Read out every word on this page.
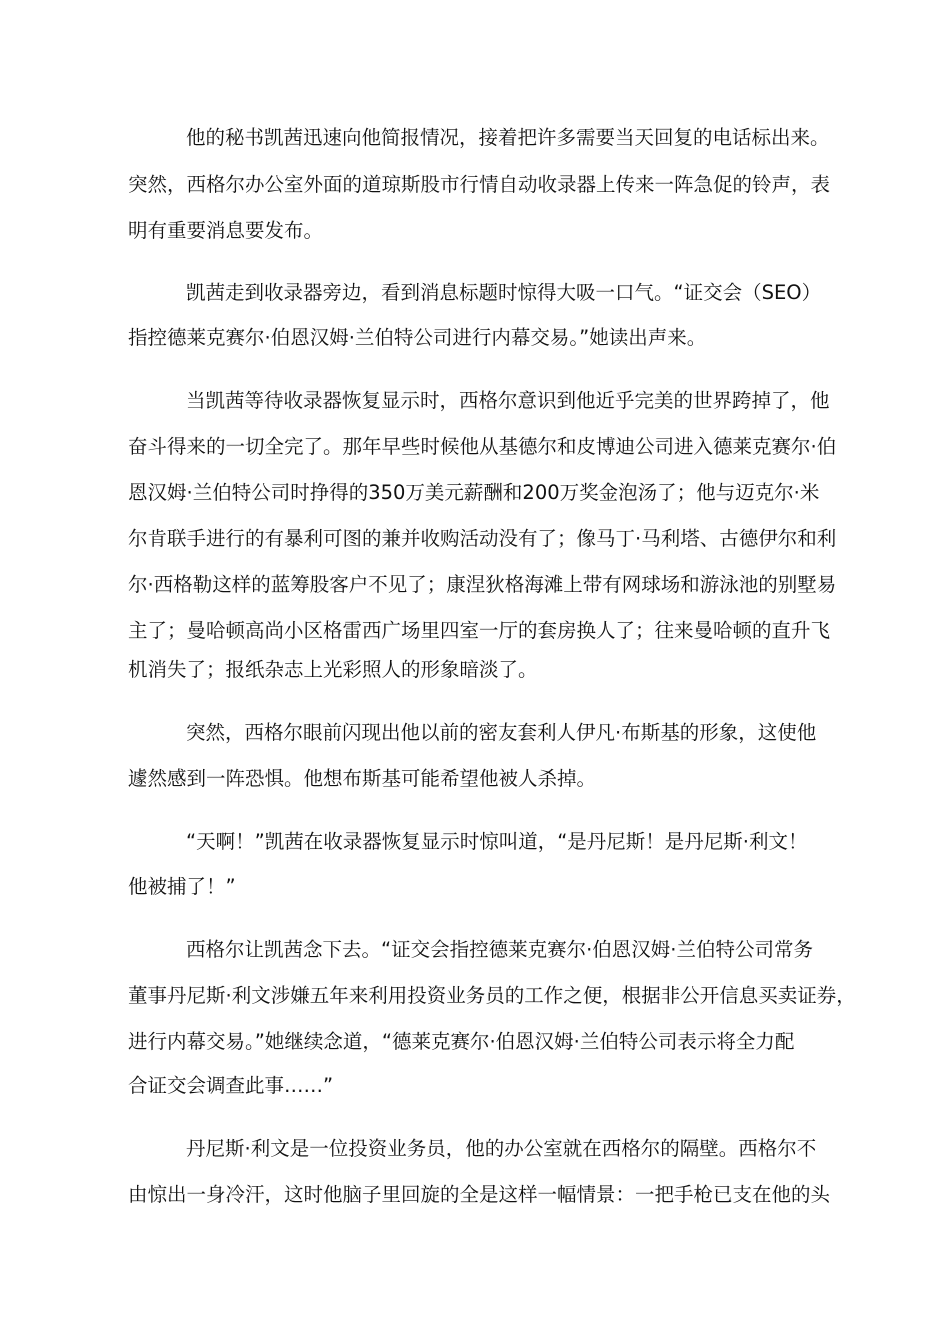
他的秘书凯茜迅速向他简报情况，接着把许多需要当天回复的电话标出来。

突然，西格尔办公室外面的道琼斯股市行情自动收录器上传来一阵急促的铃声，表

明有重要消息要发布。

凯茜走到收录器旁边，看到消息标题时惊得大吸一口气。“证交会（SEO）

指控德莱克赛尔·伯恩汉姆·兰伯特公司进行内幕交易。”她读出声来。

当凯茜等待收录器恢复显示时，西格尔意识到他近乎完美的世界跨掉了，他

奋斗得来的一切全完了。那年早些时候他从基德尔和皮博迪公司进入德莱克赛尔·伯

恩汉姆·兰伯特公司时挣得的350万美元薪酬和200万奖金泡汤了；他与迈克尔·米

尔肯联手进行的有暴利可图的兼并收购活动没有了；像马丁·马利塔、古德伊尔和利

尔·西格勒这样的蓝筹股客户不见了；康涅狄格海滩上带有网球场和游泳池的别墅易

主了；曼哈顿高尚小区格雷西广场里四室一厅的套房换人了；往来曼哈顿的直升飞

机消失了；报纸杂志上光彩照人的形象暗淡了。

突然，西格尔眼前闪现出他以前的密友套利人伊凡·布斯基的形象，这使他

遽然感到一阵恐惧。他想布斯基可能希望他被人杀掉。

“天啊！”凯茜在收录器恢复显示时惊叫道，“是丹尼斯！是丹尼斯·利文！

他被捕了！”

西格尔让凯茜念下去。“证交会指控德莱克赛尔·伯恩汉姆·兰伯特公司常务

董事丹尼斯·利文涉嫌五年来利用投资业务员的工作之便，根据非公开信息买卖证券，

进行内幕交易。”她继续念道，“德莱克赛尔·伯恩汉姆·兰伯特公司表示将全力配

合证交会调查此事……”

丹尼斯·利文是一位投资业务员，他的办公室就在西格尔的隔壁。西格尔不

由惊出一身冷汗，这时他脑子里回旋的全是这样一幅情景：一把手枪已支在他的头
